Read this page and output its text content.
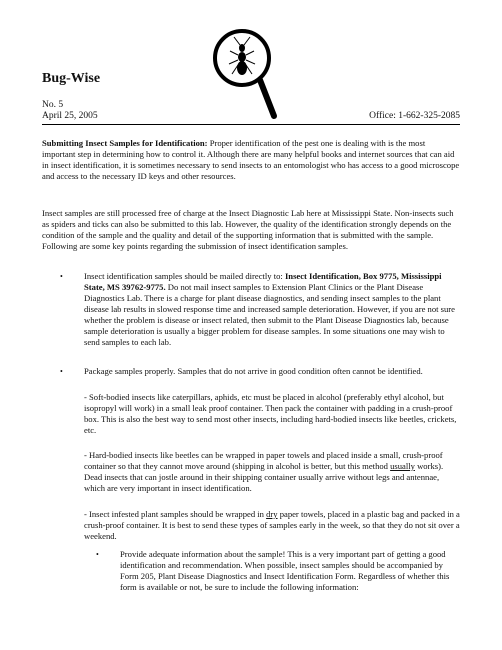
Bug-Wise
No. 5
April 25, 2005	Office: 1-662-325-2085

Submitting Insect Samples for Identification: Proper identification of the pest one is dealing with is the most important step in determining how to control it. Although there are many helpful books and internet sources that can aid in insect identification, it is sometimes necessary to send insects to an entomologist who has access to a good microscope and access to the necessary ID keys and other resources.

Insect samples are still processed free of charge at the Insect Diagnostic Lab here at Mississippi State. Non-insects such as spiders and ticks can also be submitted to this lab. However, the quality of the identification strongly depends on the condition of the sample and the quality and detail of the supporting information that is submitted with the sample. Following are some key points regarding the submission of insect identification samples.

• Insect identification samples should be mailed directly to: Insect Identification, Box 9775, Mississippi State, MS 39762-9775. Do not mail insect samples to Extension Plant Clinics or the Plant Disease Diagnostics Lab. There is a charge for plant disease diagnostics, and sending insect samples to the plant disease lab results in slowed response time and increased sample deterioration. However, if you are not sure whether the problem is disease or insect related, then submit to the Plant Disease Diagnostics lab, because sample deterioration is usually a bigger problem for disease samples. In some situations one may wish to send samples to each lab.
• Package samples properly. Samples that do not arrive in good condition often cannot be identified.

- Soft-bodied insects like caterpillars, aphids, etc must be placed in alcohol (preferably ethyl alcohol, but isopropyl will work) in a small leak proof container. Then pack the container with padding in a crush-proof box. This is also the best way to send most other insects, including hard-bodied insects like beetles, crickets, etc.

- Hard-bodied insects like beetles can be wrapped in paper towels and placed inside a small, crush-proof container so that they cannot move around (shipping in alcohol is better, but this method usually works). Dead insects that can jostle around in their shipping container usually arrive without legs and antennae, which are very important in insect identification.

- Insect infested plant samples should be wrapped in dry paper towels, placed in a plastic bag and packed in a crush-proof container. It is best to send these types of samples early in the week, so that they do not sit over a weekend.

• Provide adequate information about the sample! This is a very important part of getting a good identification and recommendation. When possible, insect samples should be accompanied by Form 205, Plant Disease Diagnostics and Insect Identification Form. Regardless of whether this form is available or not, be sure to include the following information:
